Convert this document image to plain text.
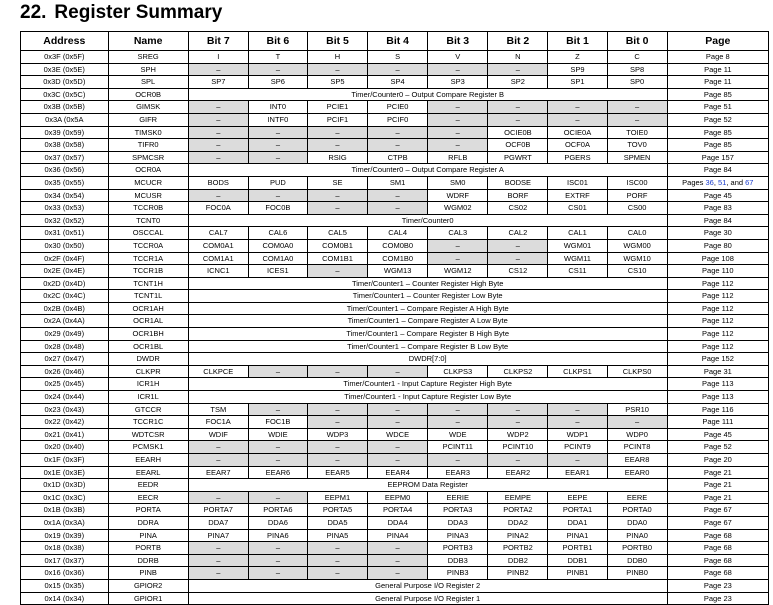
22. Register Summary
Address	Name	Bit 7	Bit 6	Bit 5	Bit 4	Bit 3	Bit 2	Bit 1	Bit 0	Page
0x3F (0x5F)	SREG	I	T	H	S	V	N	Z	C	Page 8
0x3E (0x5E)	SPH	–	–	–	–	–	–	SP9	SP8	Page 11
0x3D (0x5D)	SPL	SP7	SP6	SP5	SP4	SP3	SP2	SP1	SP0	Page 11
0x3C (0x5C)	OCR0B	Timer/Counter0 – Output Compare Register B								Page 85
0x3B (0x5B)	GIMSK	–	INT0	PCIE1	PCIE0	–	–	–	–	Page 51
0x3A (0x5A	GIFR	–	INTF0	PCIF1	PCIF0	–	–	–	–	Page 52
0x39 (0x59)	TIMSK0	–	–	–	–	–	OCIE0B	OCIE0A	TOIE0	Page 85
0x38 (0x58)	TIFR0	–	–	–	–	–	OCF0B	OCF0A	TOV0	Page 85
0x37 (0x57)	SPMCSR	–	–	RSIG	CTPB	RFLB	PGWRT	PGERS	SPMEN	Page 157
0x36 (0x56)	OCR0A	Timer/Counter0 – Output Compare Register A								Page 84
0x35 (0x55)	MCUCR	BODS	PUD	SE	SM1	SM0	BODSE	ISC01	ISC00	Pages 36, 51, and 67
0x34 (0x54)	MCUSR	–	–	–	–	WDRF	BORF	EXTRF	PORF	Page 45
0x33 (0x53)	TCCR0B	FOC0A	FOC0B	–	–	WGM02	CS02	CS01	CS00	Page 83
0x32 (0x52)	TCNT0	Timer/Counter0								Page 84
0x31 (0x51)	OSCCAL	CAL7	CAL6	CAL5	CAL4	CAL3	CAL2	CAL1	CAL0	Page 30
0x30 (0x50)	TCCR0A	COM0A1	COM0A0	COM0B1	COM0B0	–	–	WGM01	WGM00	Page 80
0x2F (0x4F)	TCCR1A	COM1A1	COM1A0	COM1B1	COM1B0	–	–	WGM11	WGM10	Page 108
0x2E (0x4E)	TCCR1B	ICNC1	ICES1	–	WGM13	WGM12	CS12	CS11	CS10	Page 110
0x2D (0x4D)	TCNT1H	Timer/Counter1 – Counter Register High Byte								Page 112
0x2C (0x4C)	TCNT1L	Timer/Counter1 – Counter Register Low Byte								Page 112
0x2B (0x4B)	OCR1AH	Timer/Counter1 – Compare Register A High Byte								Page 112
0x2A (0x4A)	OCR1AL	Timer/Counter1 – Compare Register A Low Byte								Page 112
0x29 (0x49)	OCR1BH	Timer/Counter1 – Compare Register B High Byte								Page 112
0x28 (0x48)	OCR1BL	Timer/Counter1 – Compare Register B Low Byte								Page 112
0x27 (0x47)	DWDR	DWDR[7:0]								Page 152
0x26 (0x46)	CLKPR	CLKPCE	–	–	–	CLKPS3	CLKPS2	CLKPS1	CLKPS0	Page 31
0x25 (0x45)	ICR1H	Timer/Counter1 - Input Capture Register High Byte								Page 113
0x24 (0x44)	ICR1L	Timer/Counter1 - Input Capture Register Low Byte								Page 113
0x23 (0x43)	GTCCR	TSM	–	–	–	–	–	–	PSR10	Page 116
0x22 (0x42)	TCCR1C	FOC1A	FOC1B	–	–	–	–	–	–	Page 111
0x21 (0x41)	WDTCSR	WDIF	WDIE	WDP3	WDCE	WDE	WDP2	WDP1	WDP0	Page 45
0x20 (0x40)	PCMSK1	–	–	–	–	PCINT11	PCINT10	PCINT9	PCINT8	Page 52
0x1F (0x3F)	EEARH	–	–	–	–	–	–	–	EEAR8	Page 20
0x1E (0x3E)	EEARL	EEAR7	EEAR6	EEAR5	EEAR4	EEAR3	EEAR2	EEAR1	EEAR0	Page 21
0x1D (0x3D)	EEDR	EEPROM Data Register								Page 21
0x1C (0x3C)	EECR	–	–	EEPM1	EEPM0	EERIE	EEMPE	EEPE	EERE	Page 21
0x1B (0x3B)	PORTA	PORTA7	PORTA6	PORTA5	PORTA4	PORTA3	PORTA2	PORTA1	PORTA0	Page 67
0x1A (0x3A)	DDRA	DDA7	DDA6	DDA5	DDA4	DDA3	DDA2	DDA1	DDA0	Page 67
0x19 (0x39)	PINA	PINA7	PINA6	PINA5	PINA4	PINA3	PINA2	PINA1	PINA0	Page 68
0x18 (0x38)	PORTB	–	–	–	–	PORTB3	PORTB2	PORTB1	PORTB0	Page 68
0x17 (0x37)	DDRB	–	–	–	–	DDB3	DDB2	DDB1	DDB0	Page 68
0x16 (0x36)	PINB	–	–	–	–	PINB3	PINB2	PINB1	PINB0	Page 68
0x15 (0x35)	GPIOR2	General Purpose I/O Register 2								Page 23
0x14 (0x34)	GPIOR1	General Purpose I/O Register 1								Page 23
